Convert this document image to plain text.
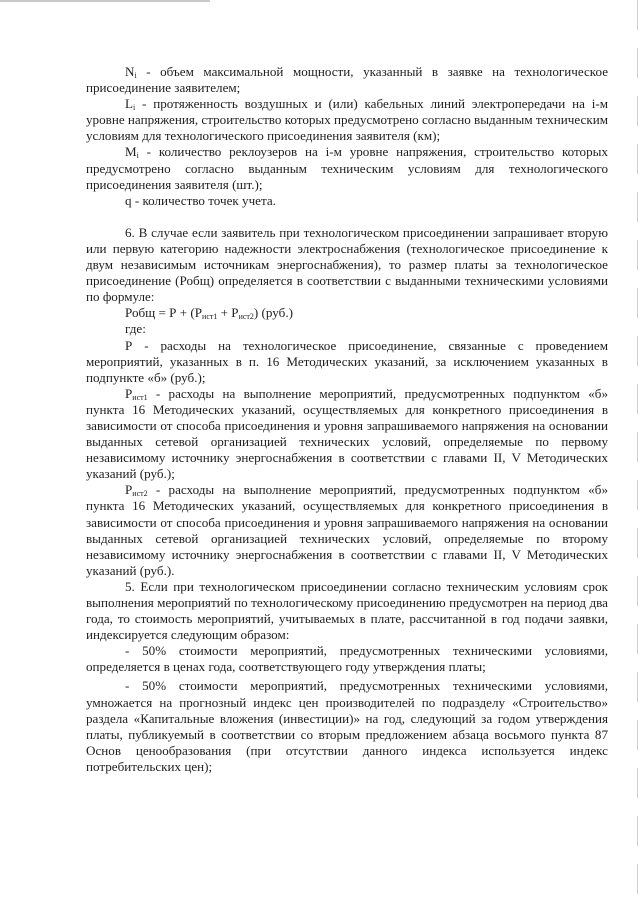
$N_i$ - объем максимальной мощности, указанный в заявке на технологическое присоединение заявителем;

$L_i$ - протяженность воздушных и (или) кабельных линий электропередачи на i-м уровне напряжения, строительство которых предусмотрено согласно выданным техническим условиям для технологического присоединения заявителя (км);

$M_i$ - количество реклоузеров на i-м уровне напряжения, строительство которых предусмотрено согласно выданным техническим условиям для технологического присоединения заявителя (шт.);

q - количество точек учета.

6. В случае если заявитель при технологическом присоединении запрашивает вторую или первую категорию надежности электроснабжения (технологическое присоединение к двум независимым источникам энергоснабжения), то размер платы за технологическое присоединение (Робщ) определяется в соответствии с выданными техническими условиями по формуле:

Робщ = $Р + (Р_{ист1} + Р_{ист2})$ (руб.)

где:

Р - расходы на технологическое присоединение, связанные с проведением мероприятий, указанных в п. 16 Методических указаний, за исключением указанных в подпункте «б» (руб.);

$Р_{ист1}$ - расходы на выполнение мероприятий, предусмотренных подпунктом «б» пункта 16 Методических указаний, осуществляемых для конкретного присоединения в зависимости от способа присоединения и уровня запрашиваемого напряжения на основании выданных сетевой организацией технических условий, определяемые по первому независимому источнику энергоснабжения в соответствии с главами II, V Методических указаний (руб.);

$Р_{ист2}$ - расходы на выполнение мероприятий, предусмотренных подпунктом «б» пункта 16 Методических указаний, осуществляемых для конкретного присоединения в зависимости от способа присоединения и уровня запрашиваемого напряжения на основании выданных сетевой организацией технических условий, определяемые по второму независимому источнику энергоснабжения в соответствии с главами II, V Методических указаний (руб.).

5. Если при технологическом присоединении согласно техническим условиям срок выполнения мероприятий по технологическому присоединению предусмотрен на период два года, то стоимость мероприятий, учитываемых в плате, рассчитанной в год подачи заявки, индексируется следующим образом:

- 50% стоимости мероприятий, предусмотренных техническими условиями, определяется в ценах года, соответствующего году утверждения платы;

- 50% стоимости мероприятий, предусмотренных техническими условиями, умножается на прогнозный индекс цен производителей по подразделу «Строительство» раздела «Капитальные вложения (инвестиции)» на год, следующий за годом утверждения платы, публикуемый в соответствии со вторым предложением абзаца восьмого пункта 87 Основ ценообразования (при отсутствии данного индекса используется индекс потребительских цен);
